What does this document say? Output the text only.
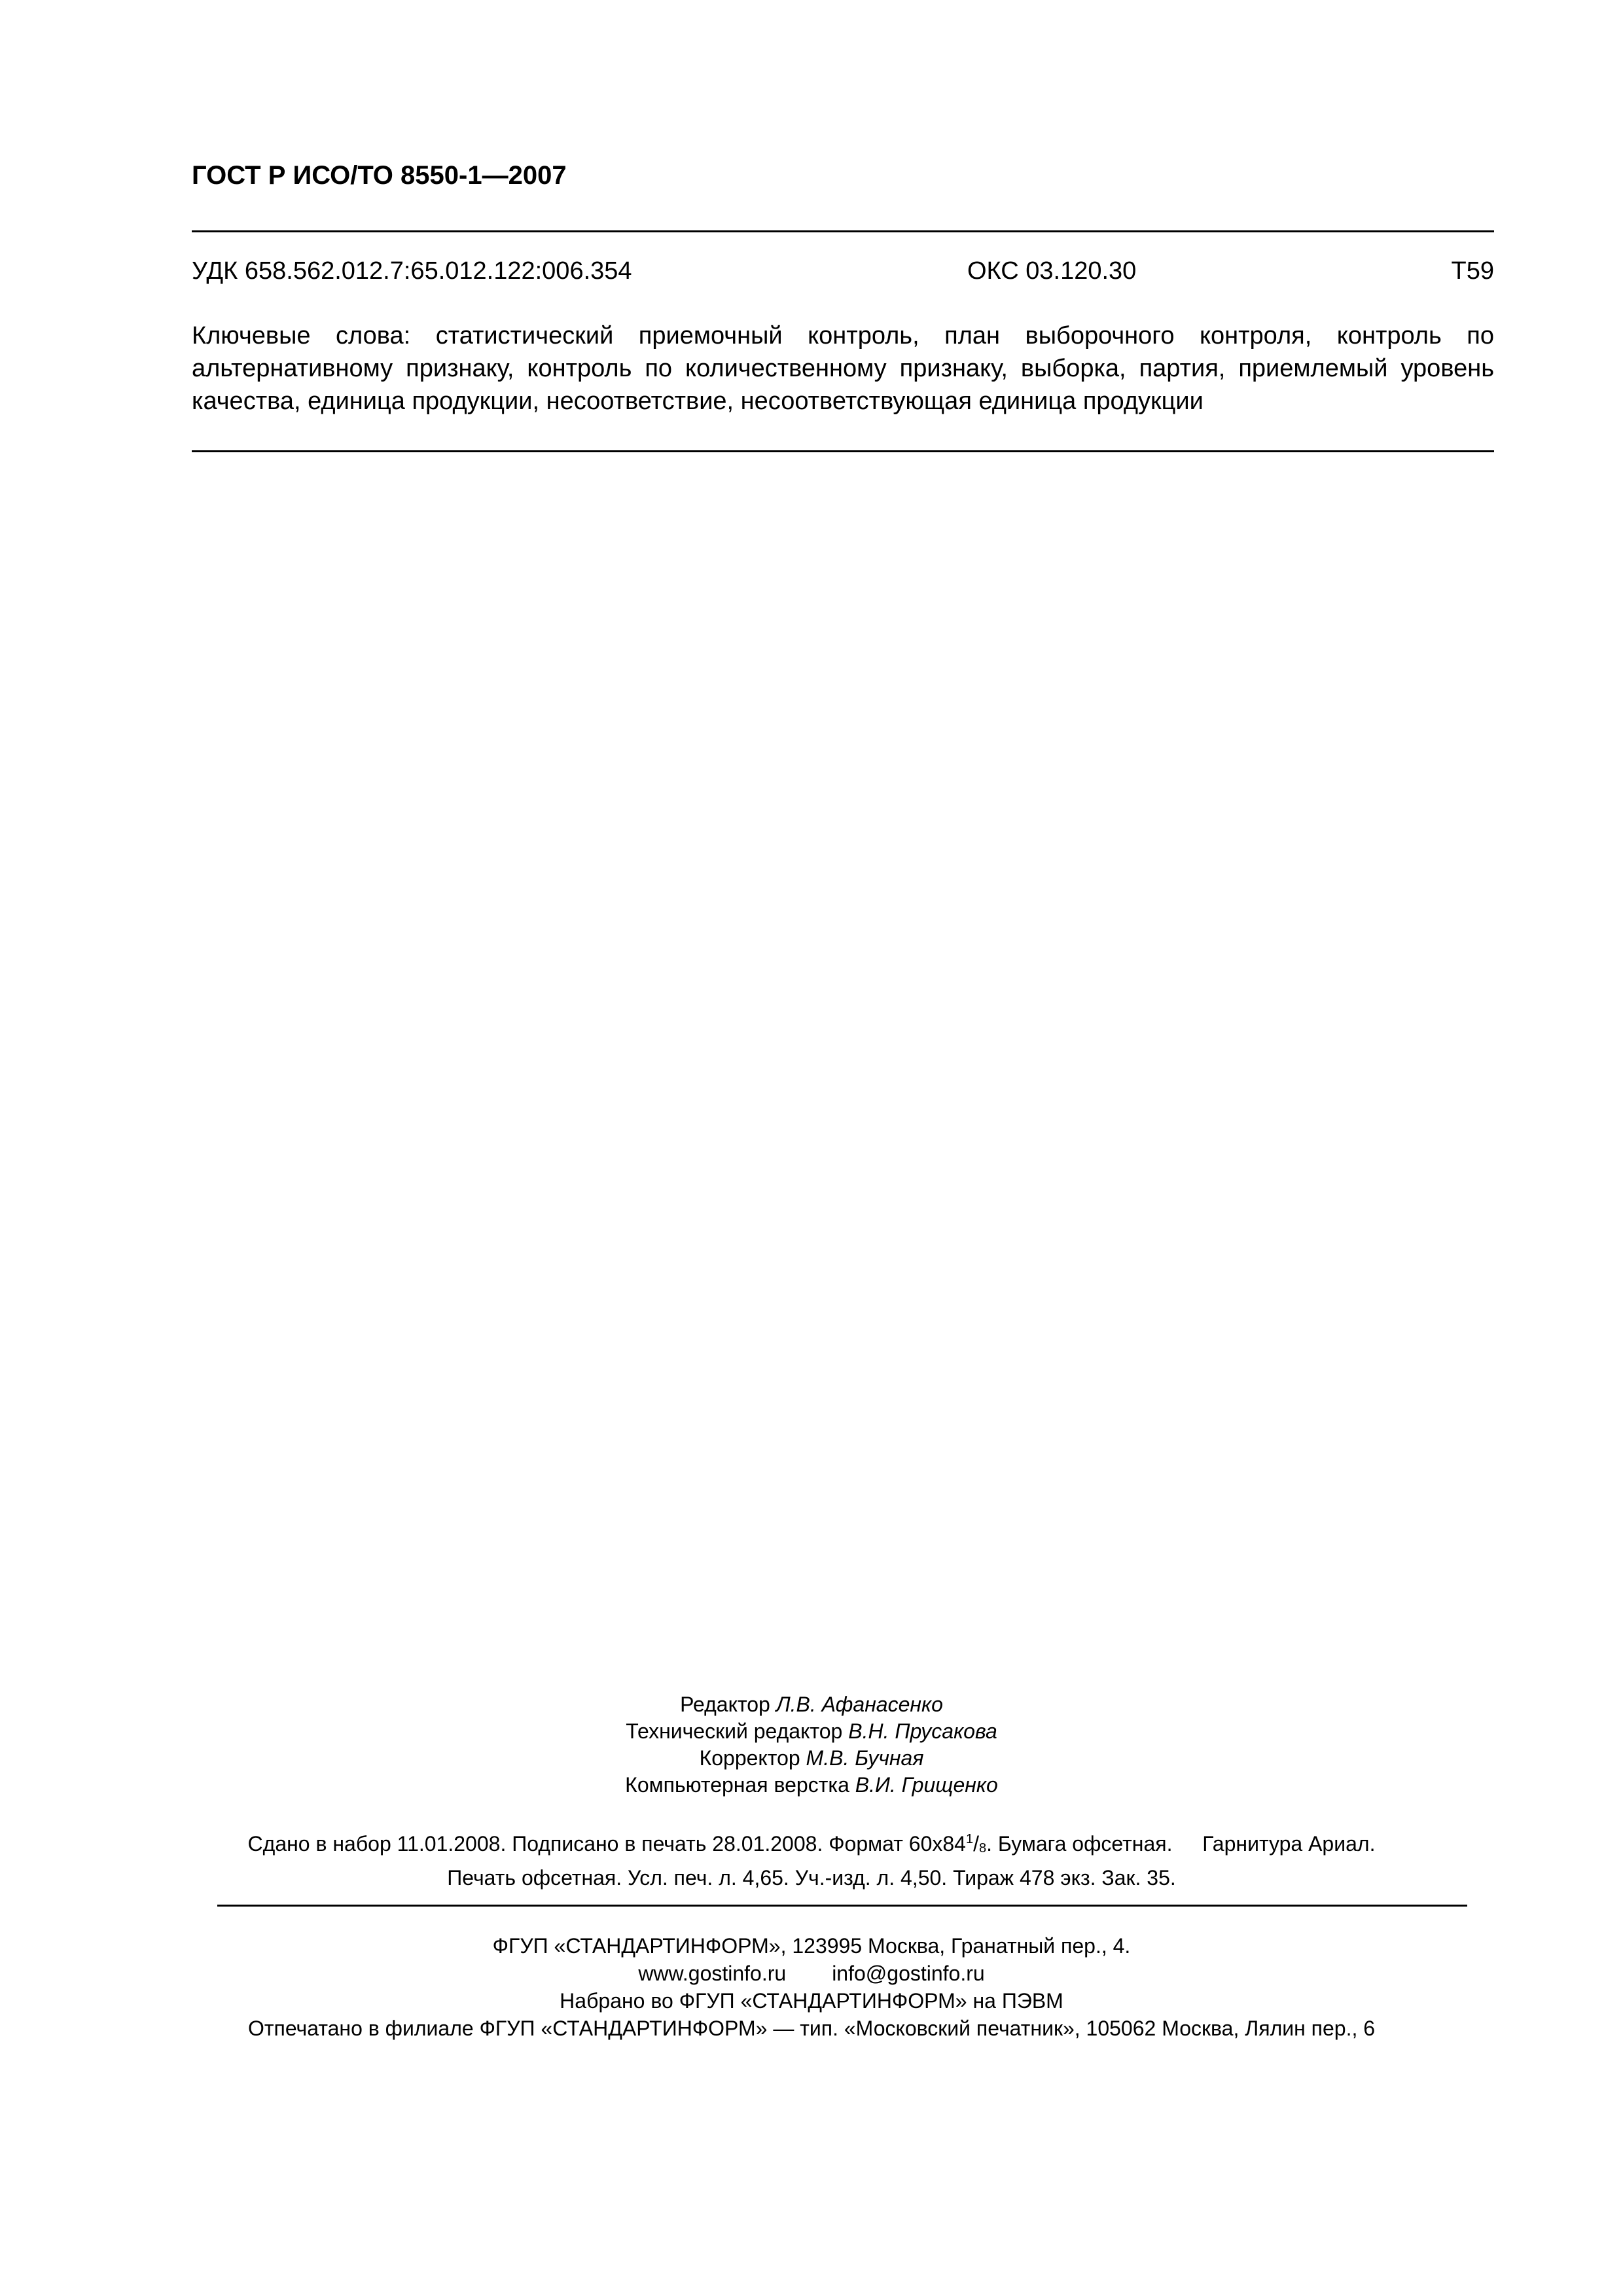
ГОСТ Р ИСО/ТО 8550-1—2007
УДК 658.562.012.7:65.012.122:006.354	ОКС 03.120.30	Т59
Ключевые слова: статистический приемочный контроль, план выборочного контроля, контроль по альтернативному признаку, контроль по количественному признаку, выборка, партия, приемлемый уровень качества, единица продукции, несоответствие, несоответствующая единица продукции
Редактор Л.В. Афанасенко
Технический редактор В.Н. Прусакова
Корректор М.В. Бучная
Компьютерная верстка В.И. Грищенко
Сдано в набор 11.01.2008. Подписано в печать 28.01.2008. Формат $60х84^1/_8$. Бумага офсетная. Гарнитура Ариал.
Печать офсетная. Усл. печ. л. 4,65. Уч.-изд. л. 4,50. Тираж 478 экз. Зак. 35.
ФГУП «СТАНДАРТИНФОРМ», 123995 Москва, Гранатный пер., 4.
www.gostinfo.ru info@gostinfo.ru
Набрано во ФГУП «СТАНДАРТИНФОРМ» на ПЭВМ
Отпечатано в филиале ФГУП «СТАНДАРТИНФОРМ» — тип. «Московский печатник», 105062 Москва, Лялин пер., 6
